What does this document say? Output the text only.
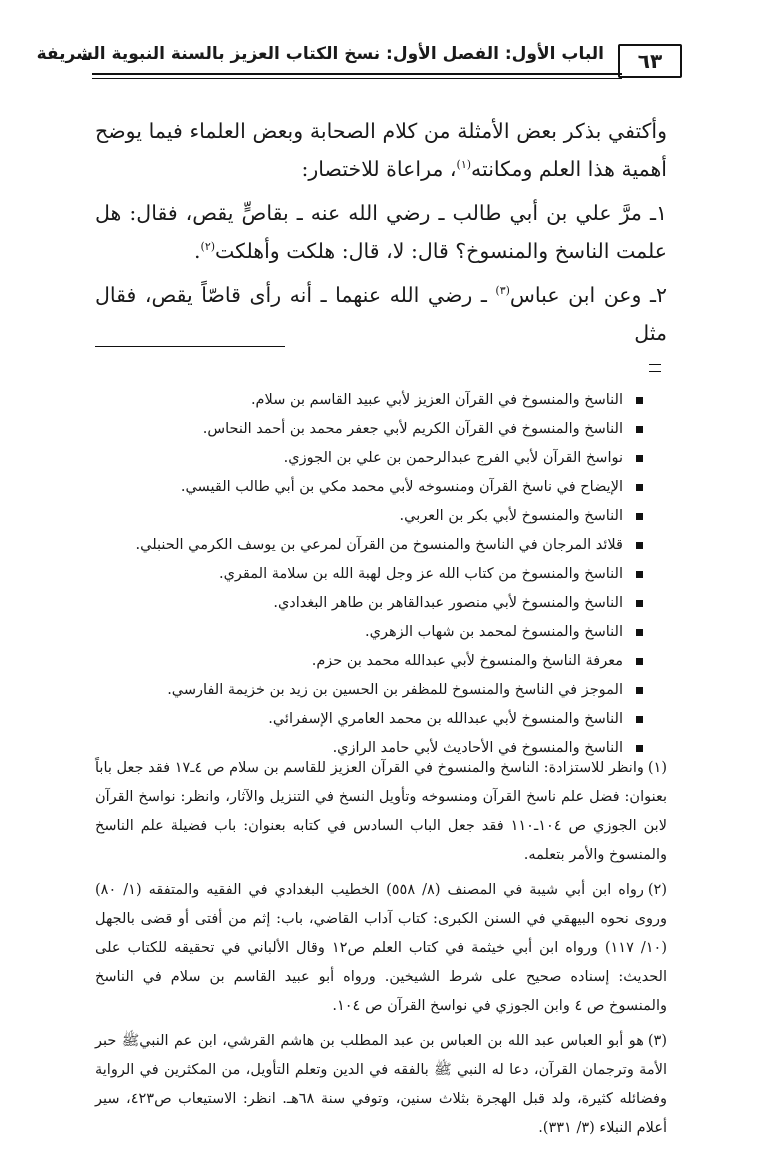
٦٣
الباب الأول: الفصل الأول: نسخ الكتاب العزيز بالسنة النبوية الشريفة

وأكتفي بذكر بعض الأمثلة من كلام الصحابة وبعض العلماء فيما يوضح أهمية هذا العلم ومكانته$^{(١)}$، مراعاة للاختصار:

١ـ مرَّ علي بن أبي طالب ـ رضي الله عنه ـ بقاصٍّ يقص، فقال: هل علمت الناسخ والمنسوخ؟ قال: لا، قال: هلكت وأهلكت$^{(٢)}$.

٢ـ وعن ابن عباس$^{(٣)}$ ـ رضي الله عنهما ـ أنه رأى قاصّاً يقص، فقال مثل

الناسخ والمنسوخ في القرآن العزيز لأبي عبيد القاسم بن سلام.
الناسخ والمنسوخ في القرآن الكريم لأبي جعفر محمد بن أحمد النحاس.
نواسخ القرآن لأبي الفرج عبدالرحمن بن علي بن الجوزي.
الإيضاح في ناسخ القرآن ومنسوخه لأبي محمد مكي بن أبي طالب القيسي.
الناسخ والمنسوخ لأبي بكر بن العربي.
قلائد المرجان في الناسخ والمنسوخ من القرآن لمرعي بن يوسف الكرمي الحنبلي.
الناسخ والمنسوخ من كتاب الله عز وجل لهبة الله بن سلامة المقري.
الناسخ والمنسوخ لأبي منصور عبدالقاهر بن طاهر البغدادي.
الناسخ والمنسوخ لمحمد بن شهاب الزهري.
معرفة الناسخ والمنسوخ لأبي عبدالله محمد بن حزم.
الموجز في الناسخ والمنسوخ للمظفر بن الحسين بن زيد بن خزيمة الفارسي.
الناسخ والمنسوخ لأبي عبدالله بن محمد العامري الإسفرائي.
الناسخ والمنسوخ في الأحاديث لأبي حامد الرازي.

(١)وانظر للاستزادة: الناسخ والمنسوخ في القرآن العزيز للقاسم بن سلام ص ٤ـ١٧ فقد جعل باباً بعنوان: فضل علم ناسخ القرآن ومنسوخه وتأويل النسخ في التنزيل والآثار، وانظر: نواسخ القرآن لابن الجوزي ص ١٠٤ـ١١٠ فقد جعل الباب السادس في كتابه بعنوان: باب فضيلة علم الناسخ والمنسوخ والأمر بتعلمه.

(٢)رواه ابن أبي شيبة في المصنف (٨/ ٥٥٨) الخطيب البغدادي في الفقيه والمتفقه (١/ ٨٠) وروى نحوه البيهقي في السنن الكبرى: كتاب آداب القاضي، باب: إثم من أفتى أو قضى بالجهل (١٠/ ١١٧) ورواه ابن أبي خيثمة في كتاب العلم ص١٢ وقال الألباني في تحقيقه للكتاب على الحديث: إسناده صحيح على شرط الشيخين. ورواه أبو عبيد القاسم بن سلام في الناسخ والمنسوخ ص ٤ وابن الجوزي في نواسخ القرآن ص ١٠٤.

(٣)هو أبو العباس عبد الله بن العباس بن عبد المطلب بن هاشم القرشي، ابن عم النبيﷺ حبر الأمة وترجمان القرآن، دعا له النبي ﷺ بالفقه في الدين وتعلم التأويل، من المكثرين في الرواية وفضائله كثيرة، ولد قبل الهجرة بثلاث سنين، وتوفي سنة ٦٨هـ. انظر: الاستيعاب ص٤٢٣، سير أعلام النبلاء (٣/ ٣٣١).
